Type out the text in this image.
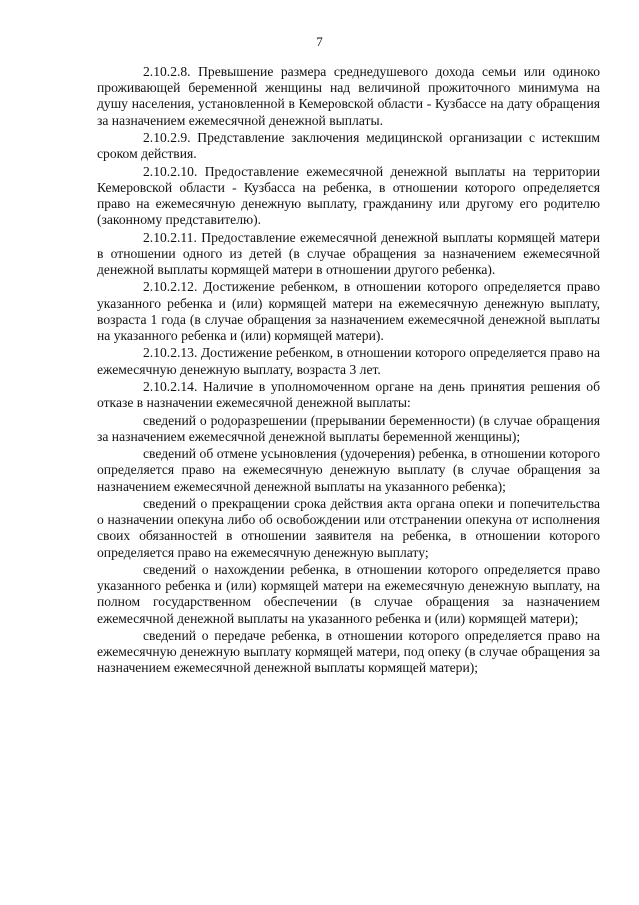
7

2.10.2.8. Превышение размера среднедушевого дохода семьи или одиноко проживающей беременной женщины над величиной прожиточного минимума на душу населения, установленной в Кемеровской области - Кузбассе на дату обращения за назначением ежемесячной денежной выплаты.

2.10.2.9. Представление заключения медицинской организации с истекшим сроком действия.

2.10.2.10. Предоставление ежемесячной денежной выплаты на территории Кемеровской области - Кузбасса на ребенка, в отношении которого определяется право на ежемесячную денежную выплату, гражданину или другому его родителю (законному представителю).

2.10.2.11. Предоставление ежемесячной денежной выплаты кормящей матери в отношении одного из детей (в случае обращения за назначением ежемесячной денежной выплаты кормящей матери в отношении другого ребенка).

2.10.2.12. Достижение ребенком, в отношении которого определяется право указанного ребенка и (или) кормящей матери на ежемесячную денежную выплату, возраста 1 года (в случае обращения за назначением ежемесячной денежной выплаты на указанного ребенка и (или) кормящей матери).

2.10.2.13. Достижение ребенком, в отношении которого определяется право на ежемесячную денежную выплату, возраста 3 лет.

2.10.2.14. Наличие в уполномоченном органе на день принятия решения об отказе в назначении ежемесячной денежной выплаты:

сведений о родоразрешении (прерывании беременности) (в случае обращения за назначением ежемесячной денежной выплаты беременной женщины);

сведений об отмене усыновления (удочерения) ребенка, в отношении которого определяется право на ежемесячную денежную выплату (в случае обращения за назначением ежемесячной денежной выплаты на указанного ребенка);

сведений о прекращении срока действия акта органа опеки и попечительства о назначении опекуна либо об освобождении или отстранении опекуна от исполнения своих обязанностей в отношении заявителя на ребенка, в отношении которого определяется право на ежемесячную денежную выплату;

сведений о нахождении ребенка, в отношении которого определяется право указанного ребенка и (или) кормящей матери на ежемесячную денежную выплату, на полном государственном обеспечении (в случае обращения за назначением ежемесячной денежной выплаты на указанного ребенка и (или) кормящей матери);

сведений о передаче ребенка, в отношении которого определяется право на ежемесячную денежную выплату кормящей матери, под опеку (в случае обращения за назначением ежемесячной денежной выплаты кормящей матери);
